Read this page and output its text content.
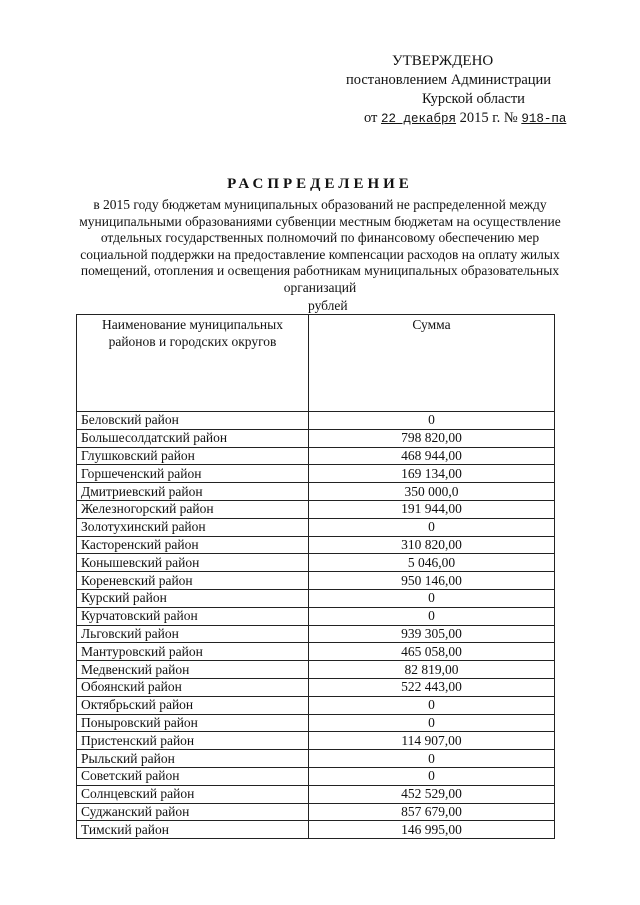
УТВЕРЖДЕНО
постановлением Администрации
Курской области
от 22 декабря 2015 г. № 918-па
РАСПРЕДЕЛЕНИЕ
в 2015 году бюджетам муниципальных образований не распределенной между муниципальными образованиями субвенции местным бюджетам на осуществление отдельных государственных полномочий по финансовому обеспечению мер социальной поддержки на предоставление компенсации расходов на оплату жилых помещений, отопления и освещения работникам муниципальных образовательных организаций
рублей
Наименование муниципальных районов и городских округов	Сумма
Беловский район	0
Большесолдатский район	798 820,00
Глушковский район	468 944,00
Горшеченский район	169 134,00
Дмитриевский район	350 000,0
Железногорский район	191 944,00
Золотухинский район	0
Касторенский район	310 820,00
Конышевский район	5 046,00
Кореневский район	950 146,00
Курский район	0
Курчатовский район	0
Льговский район	939 305,00
Мантуровский район	465 058,00
Медвенский район	82 819,00
Обоянский район	522 443,00
Октябрьский район	0
Поныровский район	0
Пристенский район	114 907,00
Рыльский район	0
Советский район	0
Солнцевский район	452 529,00
Суджанский район	857 679,00
Тимский район	146 995,00
